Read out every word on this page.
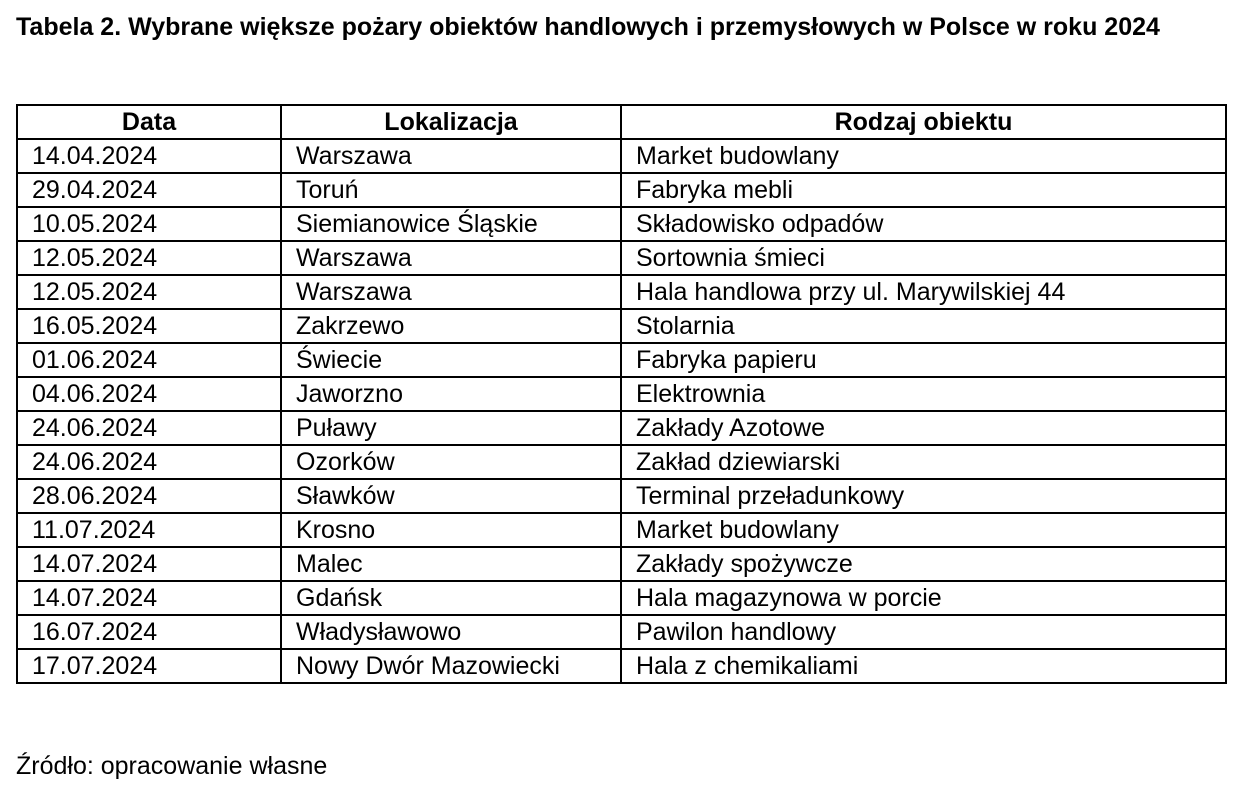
Tabela 2. Wybrane większe pożary obiektów handlowych i przemysłowych w Polsce w roku 2024

Data	Lokalizacja	Rodzaj obiektu
14.04.2024	Warszawa	Market budowlany
29.04.2024	Toruń	Fabryka mebli
10.05.2024	Siemianowice Śląskie	Składowisko odpadów
12.05.2024	Warszawa	Sortownia śmieci
12.05.2024	Warszawa	Hala handlowa przy ul. Marywilskiej 44
16.05.2024	Zakrzewo	Stolarnia
01.06.2024	Świecie	Fabryka papieru
04.06.2024	Jaworzno	Elektrownia
24.06.2024	Puławy	Zakłady Azotowe
24.06.2024	Ozorków	Zakład dziewiarski
28.06.2024	Sławków	Terminal przeładunkowy
11.07.2024	Krosno	Market budowlany
14.07.2024	Malec	Zakłady spożywcze
14.07.2024	Gdańsk	Hala magazynowa w porcie
16.07.2024	Władysławowo	Pawilon handlowy
17.07.2024	Nowy Dwór Mazowiecki	Hala z chemikaliami

Źródło: opracowanie własne
